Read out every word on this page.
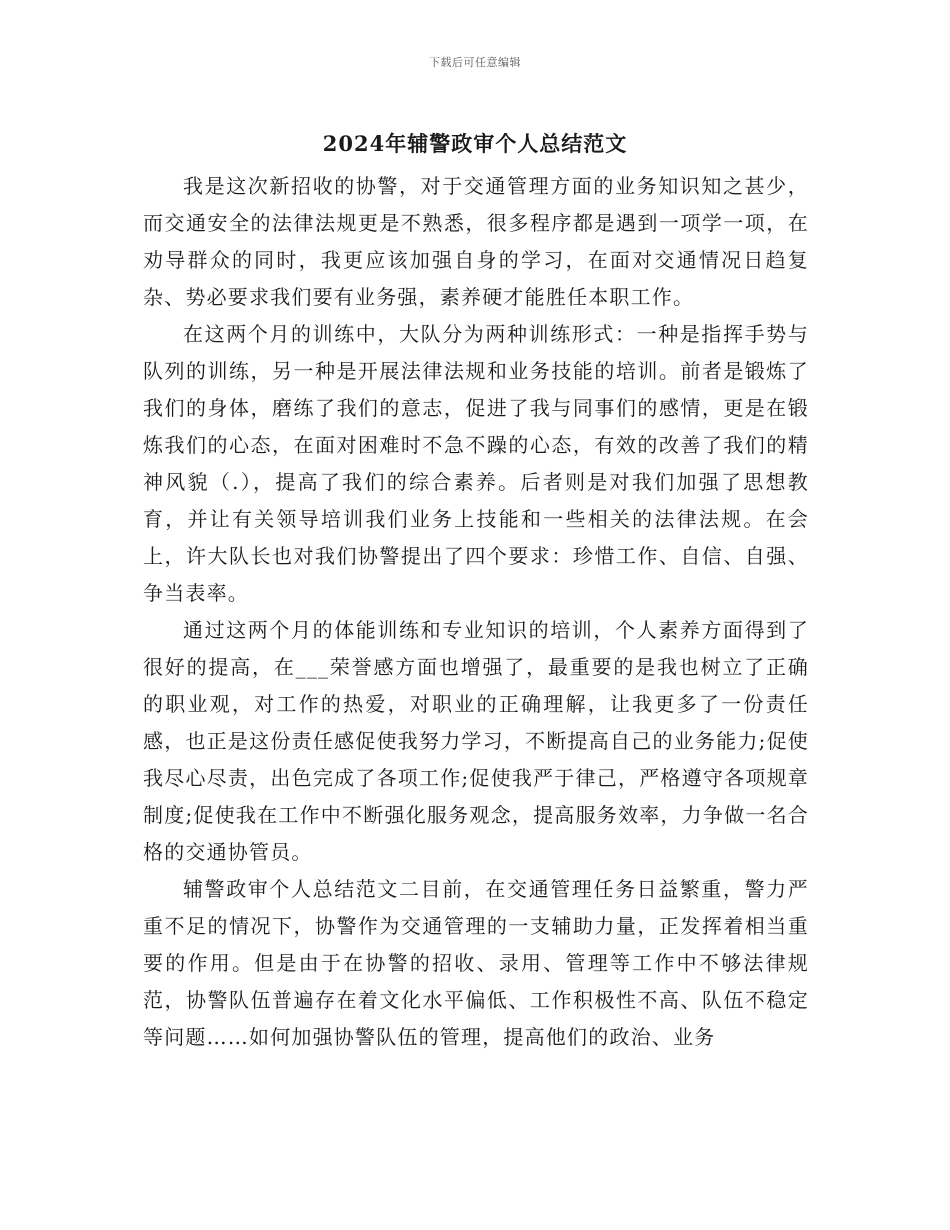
下载后可任意编辑
2024年辅警政审个人总结范文

我是这次新招收的协警，对于交通管理方面的业务知识知之甚少，而交通安全的法律法规更是不熟悉，很多程序都是遇到一项学一项，在劝导群众的同时，我更应该加强自身的学习，在面对交通情况日趋复杂、势必要求我们要有业务强，素养硬才能胜任本职工作。

在这两个月的训练中，大队分为两种训练形式：一种是指挥手势与队列的训练，另一种是开展法律法规和业务技能的培训。前者是锻炼了我们的身体，磨练了我们的意志，促进了我与同事们的感情，更是在锻炼我们的心态，在面对困难时不急不躁的心态，有效的改善了我们的精神风貌（.），提高了我们的综合素养。后者则是对我们加强了思想教育，并让有关领导培训我们业务上技能和一些相关的法律法规。在会上，许大队长也对我们协警提出了四个要求：珍惜工作、自信、自强、争当表率。

通过这两个月的体能训练和专业知识的培训，个人素养方面得到了很好的提高，在___荣誉感方面也增强了，最重要的是我也树立了正确的职业观，对工作的热爱，对职业的正确理解，让我更多了一份责任感，也正是这份责任感促使我努力学习，不断提高自己的业务能力;促使我尽心尽责，出色完成了各项工作;促使我严于律己，严格遵守各项规章制度;促使我在工作中不断强化服务观念，提高服务效率，力争做一名合格的交通协管员。

辅警政审个人总结范文二目前，在交通管理任务日益繁重，警力严重不足的情况下，协警作为交通管理的一支辅助力量，正发挥着相当重要的作用。但是由于在协警的招收、录用、管理等工作中不够法律规范，协警队伍普遍存在着文化水平偏低、工作积极性不高、队伍不稳定等问题……如何加强协警队伍的管理，提高他们的政治、业务
